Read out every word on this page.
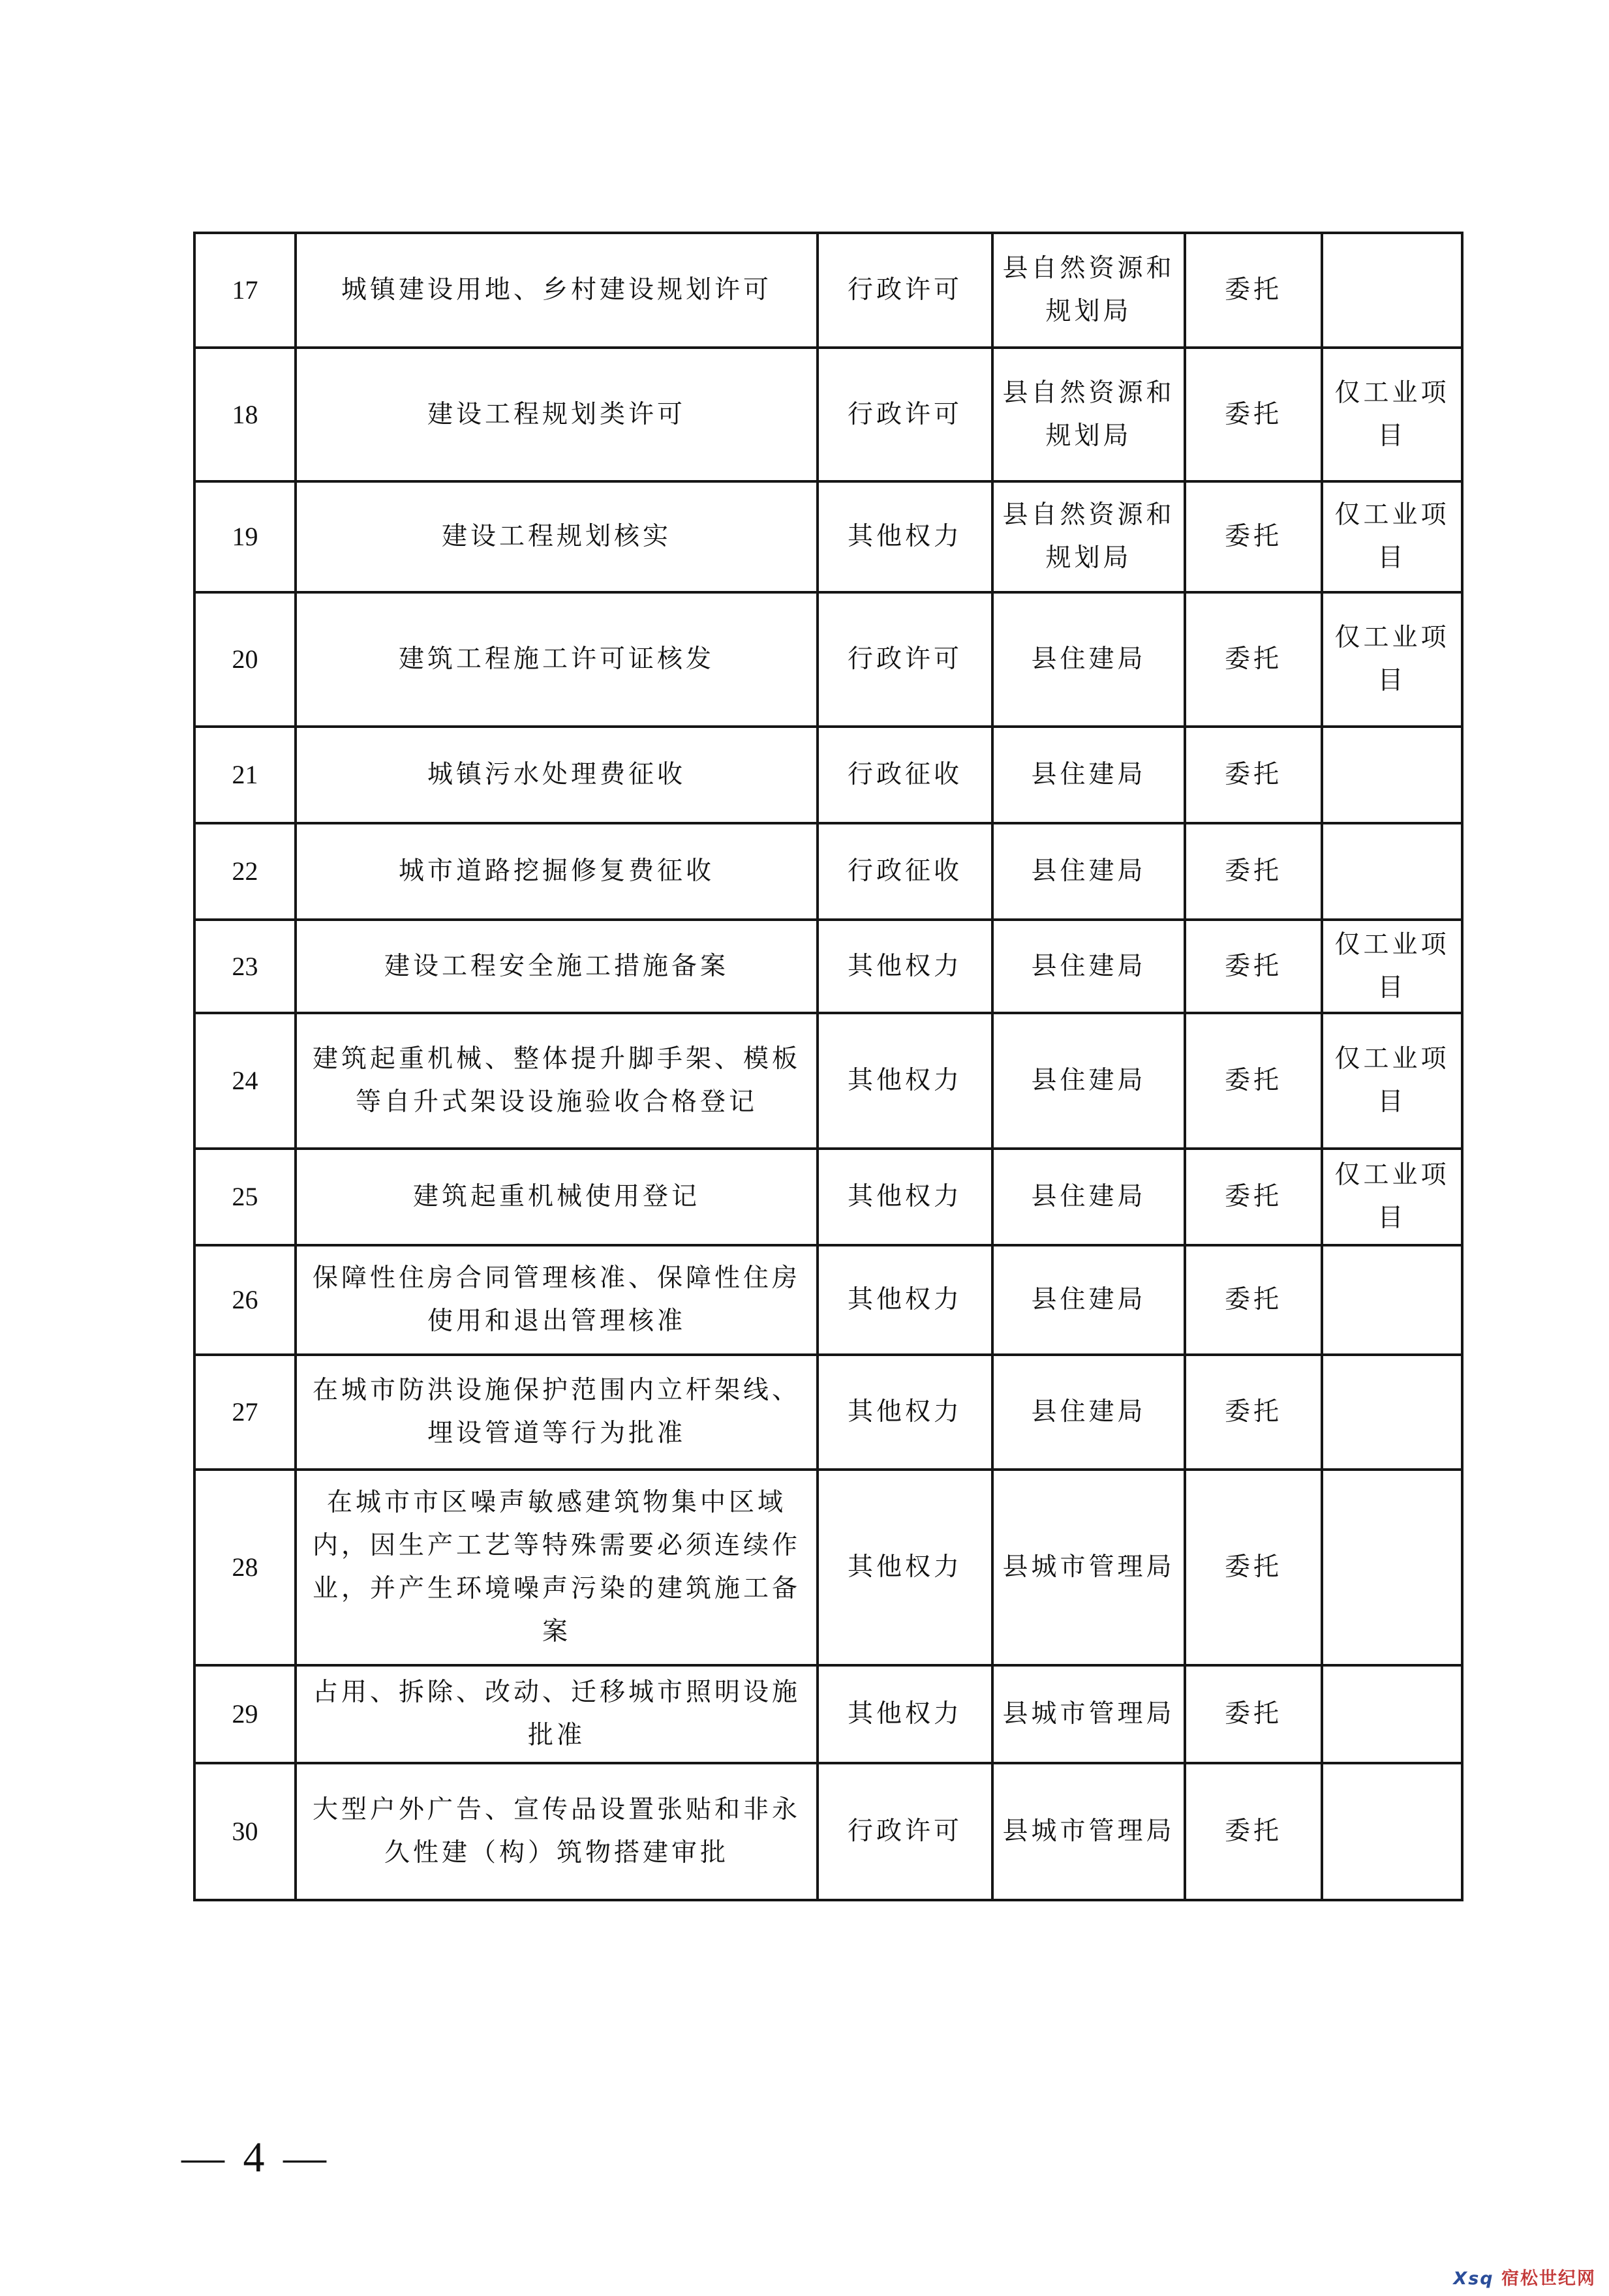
17	城镇建设用地、乡村建设规划许可	行政许可	县自然资源和规划局	委托	
18	建设工程规划类许可	行政许可	县自然资源和规划局	委托	仅工业项目
19	建设工程规划核实	其他权力	县自然资源和规划局	委托	仅工业项目
20	建筑工程施工许可证核发	行政许可	县住建局	委托	仅工业项目
21	城镇污水处理费征收	行政征收	县住建局	委托	
22	城市道路挖掘修复费征收	行政征收	县住建局	委托	
23	建设工程安全施工措施备案	其他权力	县住建局	委托	仅工业项目
24	建筑起重机械、整体提升脚手架、模板等自升式架设设施验收合格登记	其他权力	县住建局	委托	仅工业项目
25	建筑起重机械使用登记	其他权力	县住建局	委托	仅工业项目
26	保障性住房合同管理核准、保障性住房使用和退出管理核准	其他权力	县住建局	委托	
27	在城市防洪设施保护范围内立杆架线、埋设管道等行为批准	其他权力	县住建局	委托	
28	在城市市区噪声敏感建筑物集中区域内，因生产工艺等特殊需要必须连续作业，并产生环境噪声污染的建筑施工备案	其他权力	县城市管理局	委托	
29	占用、拆除、改动、迁移城市照明设施批准	其他权力	县城市管理局	委托	
30	大型户外广告、宣传品设置张贴和非永久性建（构）筑物搭建审批	行政许可	县城市管理局	委托	
— 4 —
Xsq 宿松世纪网
